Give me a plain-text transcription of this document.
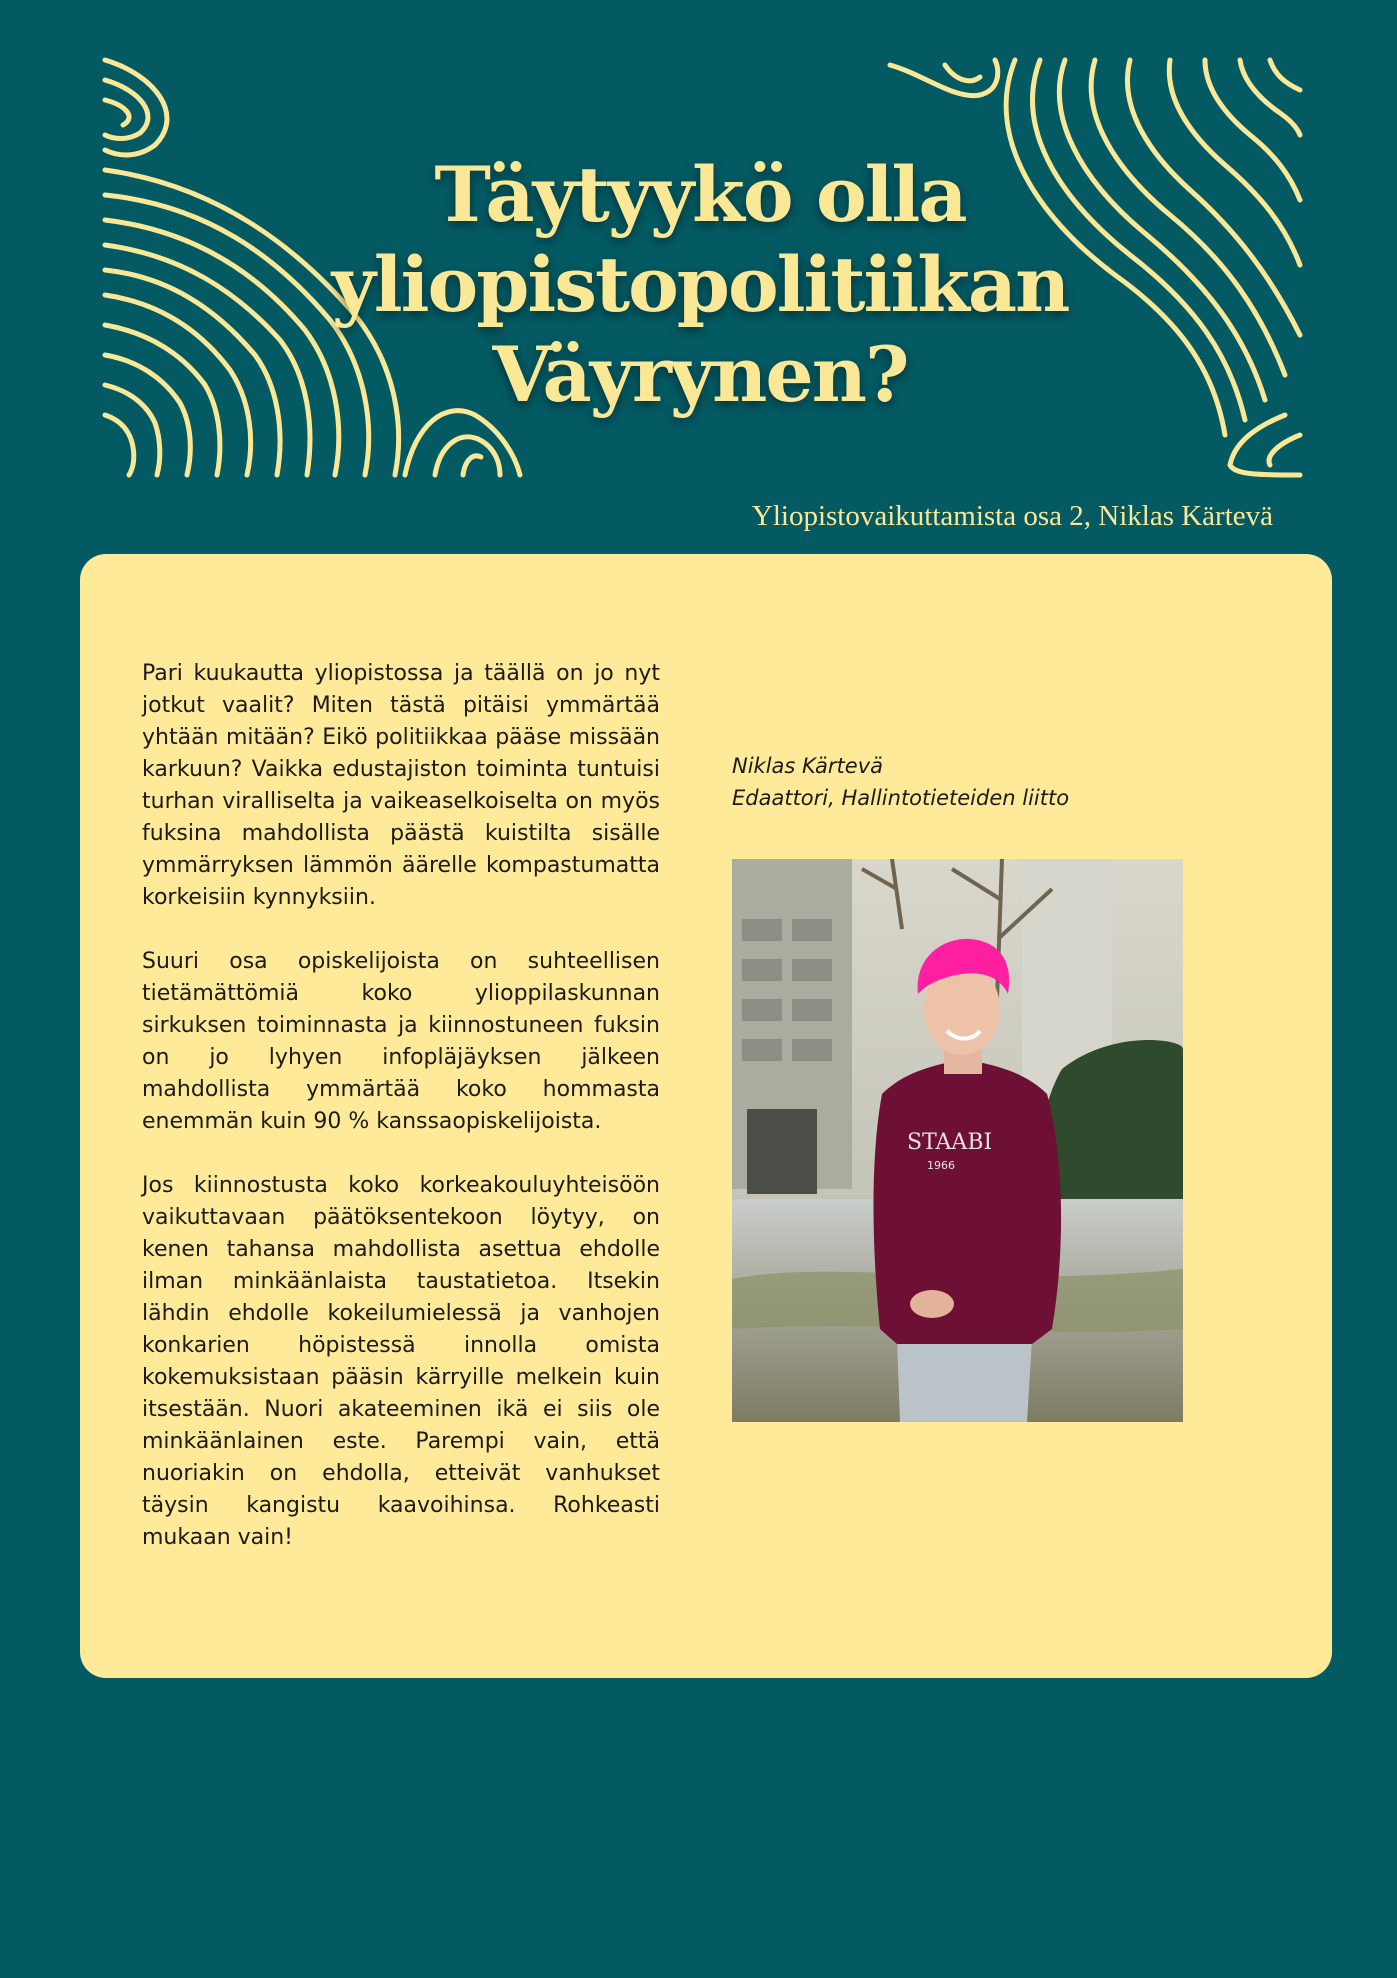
Täytyykö olla
yliopistopolitiikan
Väyrynen?
Yliopistovaikuttamista osa 2, Niklas Kärtevä

Pari kuukautta yliopistossa ja täällä on jo nyt jotkut vaalit? Miten tästä pitäisi ymmärtää yhtään mitään? Eikö politiikkaa pääse missään karkuun? Vaikka edustajiston toiminta tuntuisi turhan viralliselta ja vaikeaselkoiselta on myös fuksina mahdollista päästä kuistilta sisälle ymmärryksen lämmön äärelle kompastumatta korkeisiin kynnyksiin.

Suuri osa opiskelijoista on suhteellisen tietämättömiä koko ylioppilaskunnan sirkuksen toiminnasta ja kiinnostuneen fuksin on jo lyhyen infopläjäyksen jälkeen mahdollista ymmärtää koko hommasta enemmän kuin 90 % kanssaopiskelijoista.

Jos kiinnostusta koko korkeakouluyhteisöön vaikuttavaan päätöksentekoon löytyy, on kenen tahansa mahdollista asettua ehdolle ilman minkäänlaista taustatietoa. Itsekin lähdin ehdolle kokeilumielessä ja vanhojen konkarien höpistessä innolla omista kokemuksistaan pääsin kärryille melkein kuin itsestään. Nuori akateeminen ikä ei siis ole minkäänlainen este. Parempi vain, että nuoriakin on ehdolla, etteivät vanhukset täysin kangistu kaavoihinsa. Rohkeasti mukaan vain!

Niklas Kärtevä
Edaattori, Hallintotieteiden liitto
STAABI
1966
